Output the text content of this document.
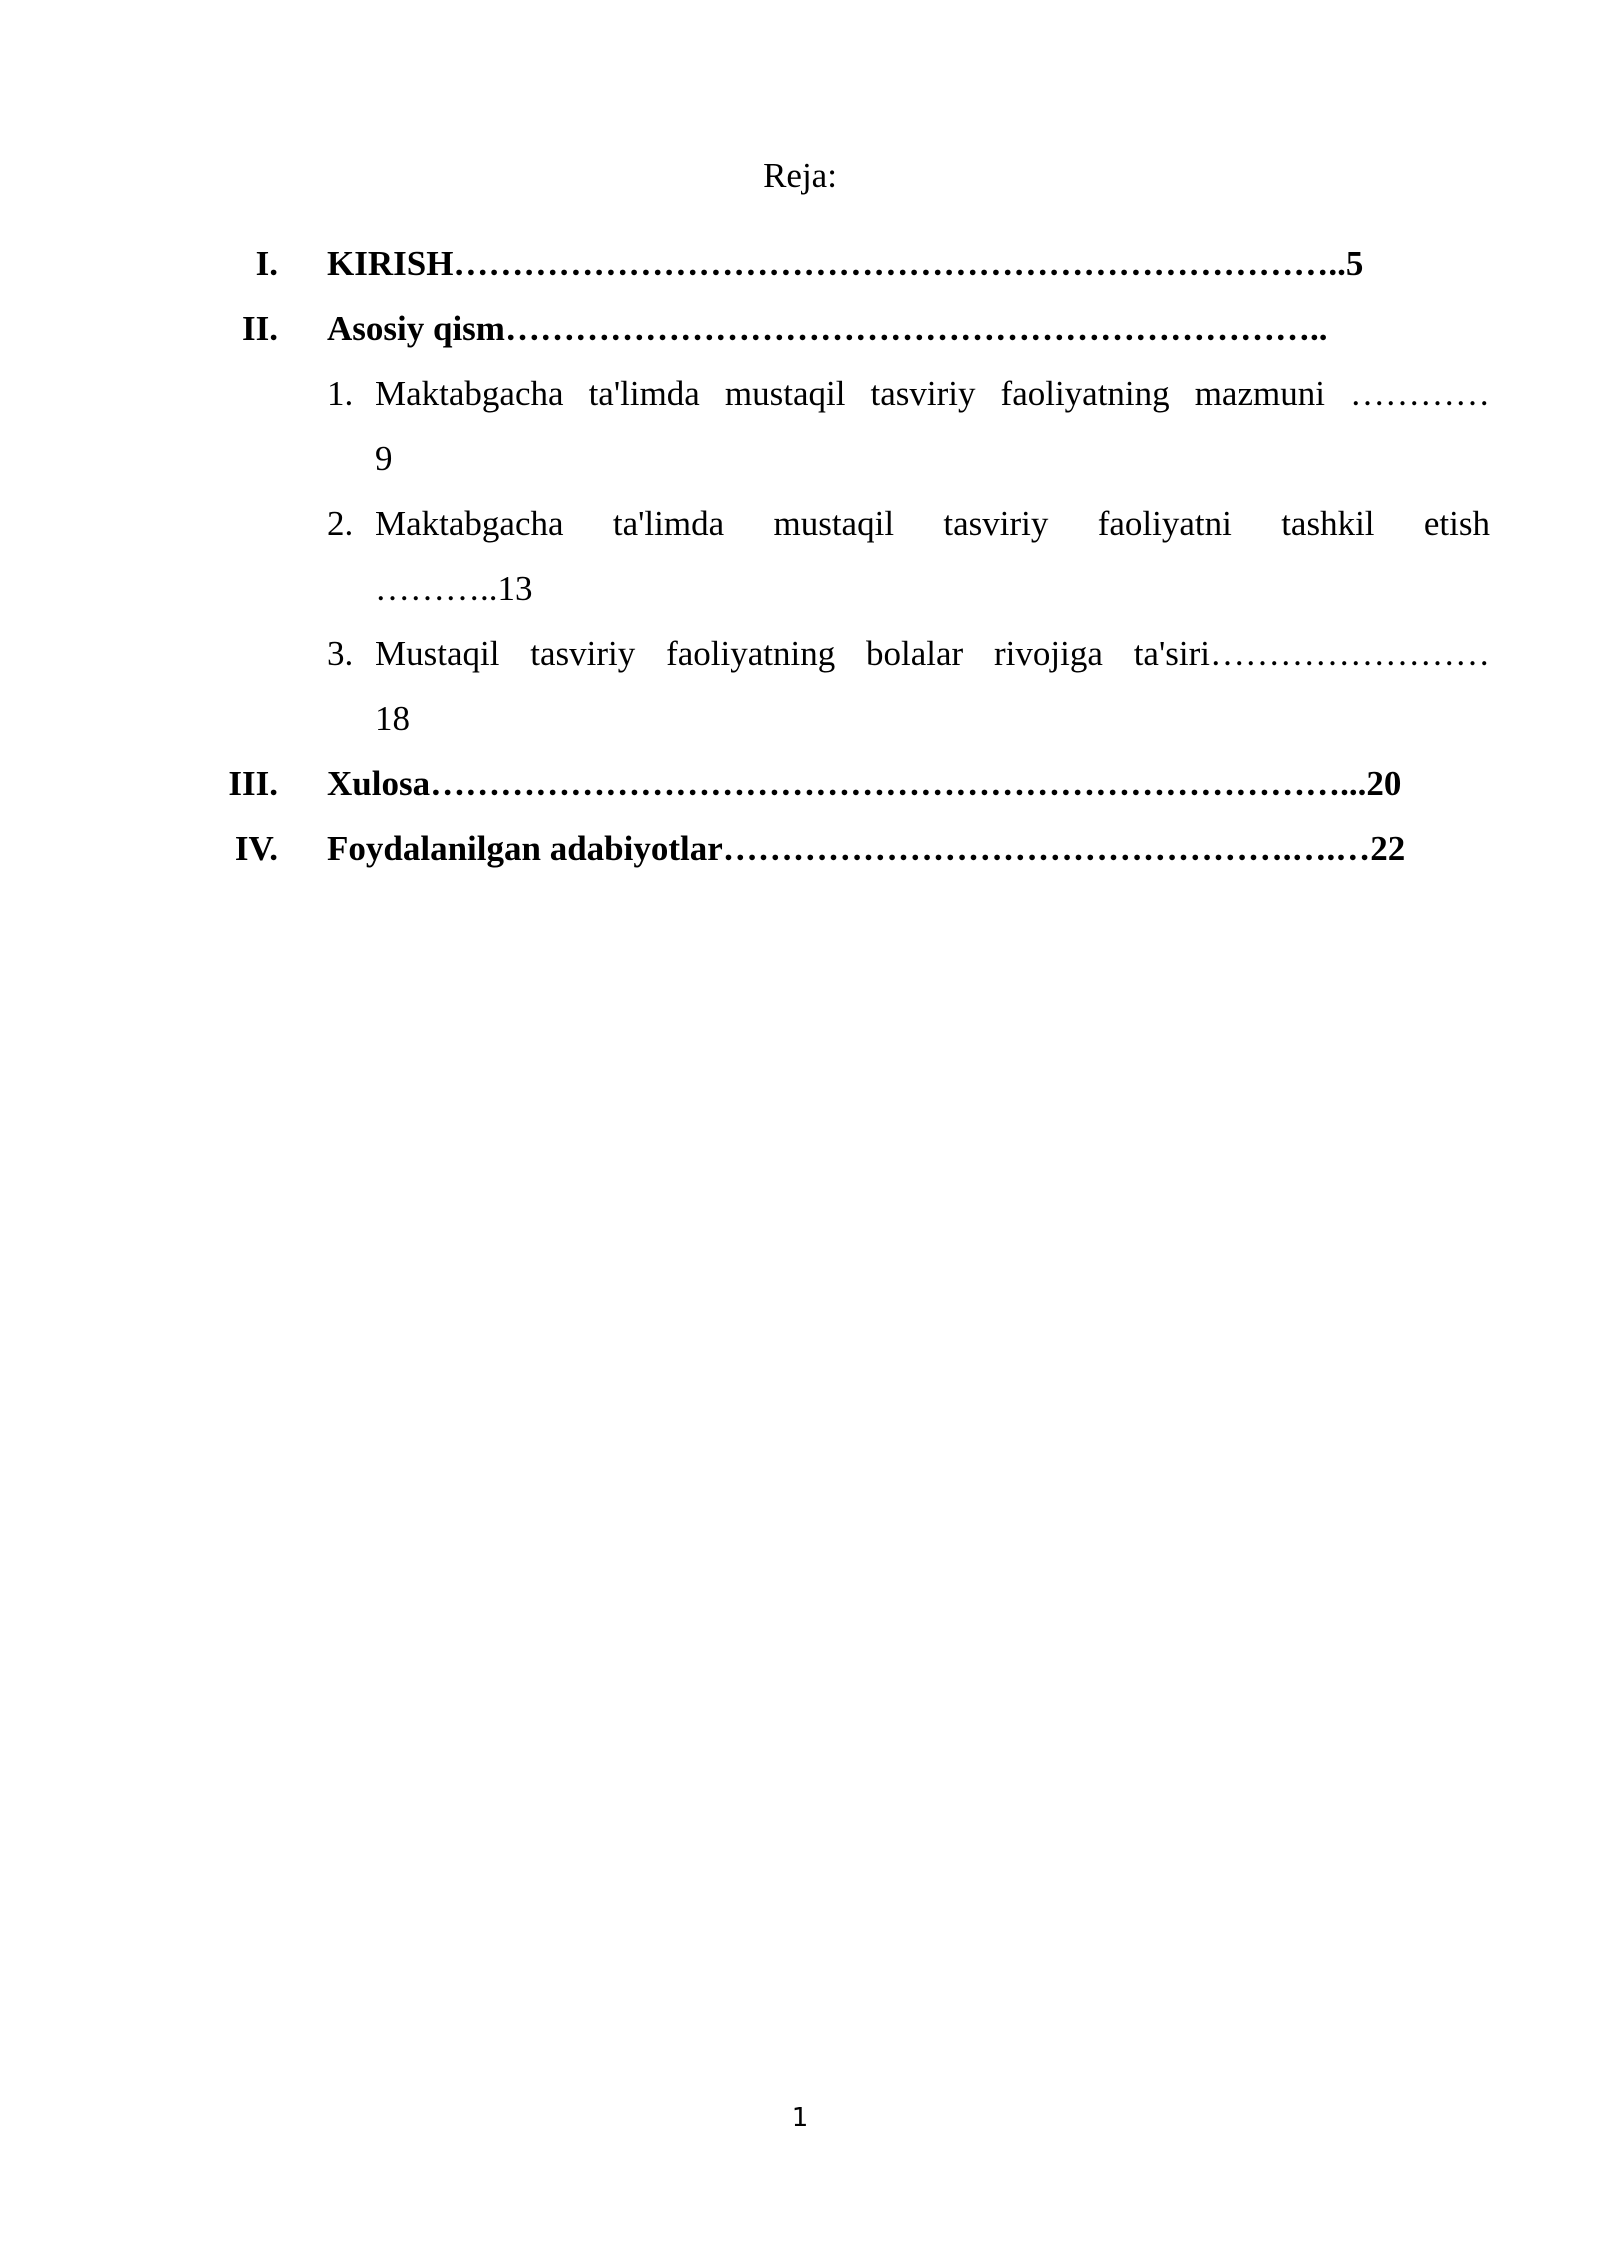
Reja:
I. KIRISH…………………………………………………………………..5
II. Asosiy qism……………………………………………………………..
1. Maktabgacha ta'limda mustaqil tasviriy faoliyatning mazmuni …………
9
2. Maktabgacha ta'limda mustaqil tasviriy faoliyatni tashkil etish
………..13
3. Mustaqil tasviriy faoliyatning bolalar rivojiga ta'siri……………………
18
III. Xulosa……………………………………………………………………...20
IV. Foydalanilgan adabiyotlar………………………………………….….…22
1
